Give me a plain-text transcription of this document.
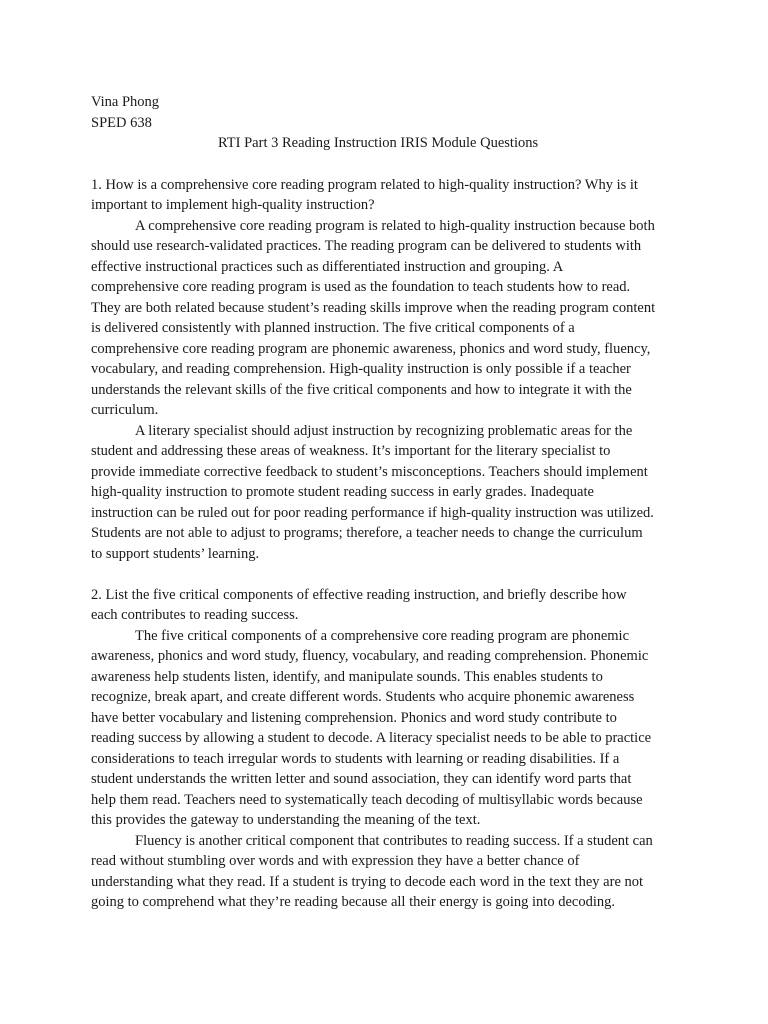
Vina Phong
SPED 638
RTI Part 3 Reading Instruction IRIS Module Questions
1. How is a comprehensive core reading program related to high-quality instruction? Why is it
important to implement high-quality instruction?
A comprehensive core reading program is related to high-quality instruction because both
should use research-validated practices. The reading program can be delivered to students with
effective instructional practices such as differentiated instruction and grouping. A
comprehensive core reading program is used as the foundation to teach students how to read.
They are both related because student’s reading skills improve when the reading program content
is delivered consistently with planned instruction. The five critical components of a
comprehensive core reading program are phonemic awareness, phonics and word study, fluency,
vocabulary, and reading comprehension. High-quality instruction is only possible if a teacher
understands the relevant skills of the five critical components and how to integrate it with the
curriculum.
A literary specialist should adjust instruction by recognizing problematic areas for the
student and addressing these areas of weakness. It’s important for the literary specialist to
provide immediate corrective feedback to student’s misconceptions. Teachers should implement
high-quality instruction to promote student reading success in early grades. Inadequate
instruction can be ruled out for poor reading performance if high-quality instruction was utilized.
Students are not able to adjust to programs; therefore, a teacher needs to change the curriculum
to support students’ learning.
2. List the five critical components of effective reading instruction, and briefly describe how
each contributes to reading success.
The five critical components of a comprehensive core reading program are phonemic
awareness, phonics and word study, fluency, vocabulary, and reading comprehension. Phonemic
awareness help students listen, identify, and manipulate sounds. This enables students to
recognize, break apart, and create different words. Students who acquire phonemic awareness
have better vocabulary and listening comprehension. Phonics and word study contribute to
reading success by allowing a student to decode. A literacy specialist needs to be able to practice
considerations to teach irregular words to students with learning or reading disabilities. If a
student understands the written letter and sound association, they can identify word parts that
help them read. Teachers need to systematically teach decoding of multisyllabic words because
this provides the gateway to understanding the meaning of the text.
Fluency is another critical component that contributes to reading success. If a student can
read without stumbling over words and with expression they have a better chance of
understanding what they read. If a student is trying to decode each word in the text they are not
going to comprehend what they’re reading because all their energy is going into decoding.
